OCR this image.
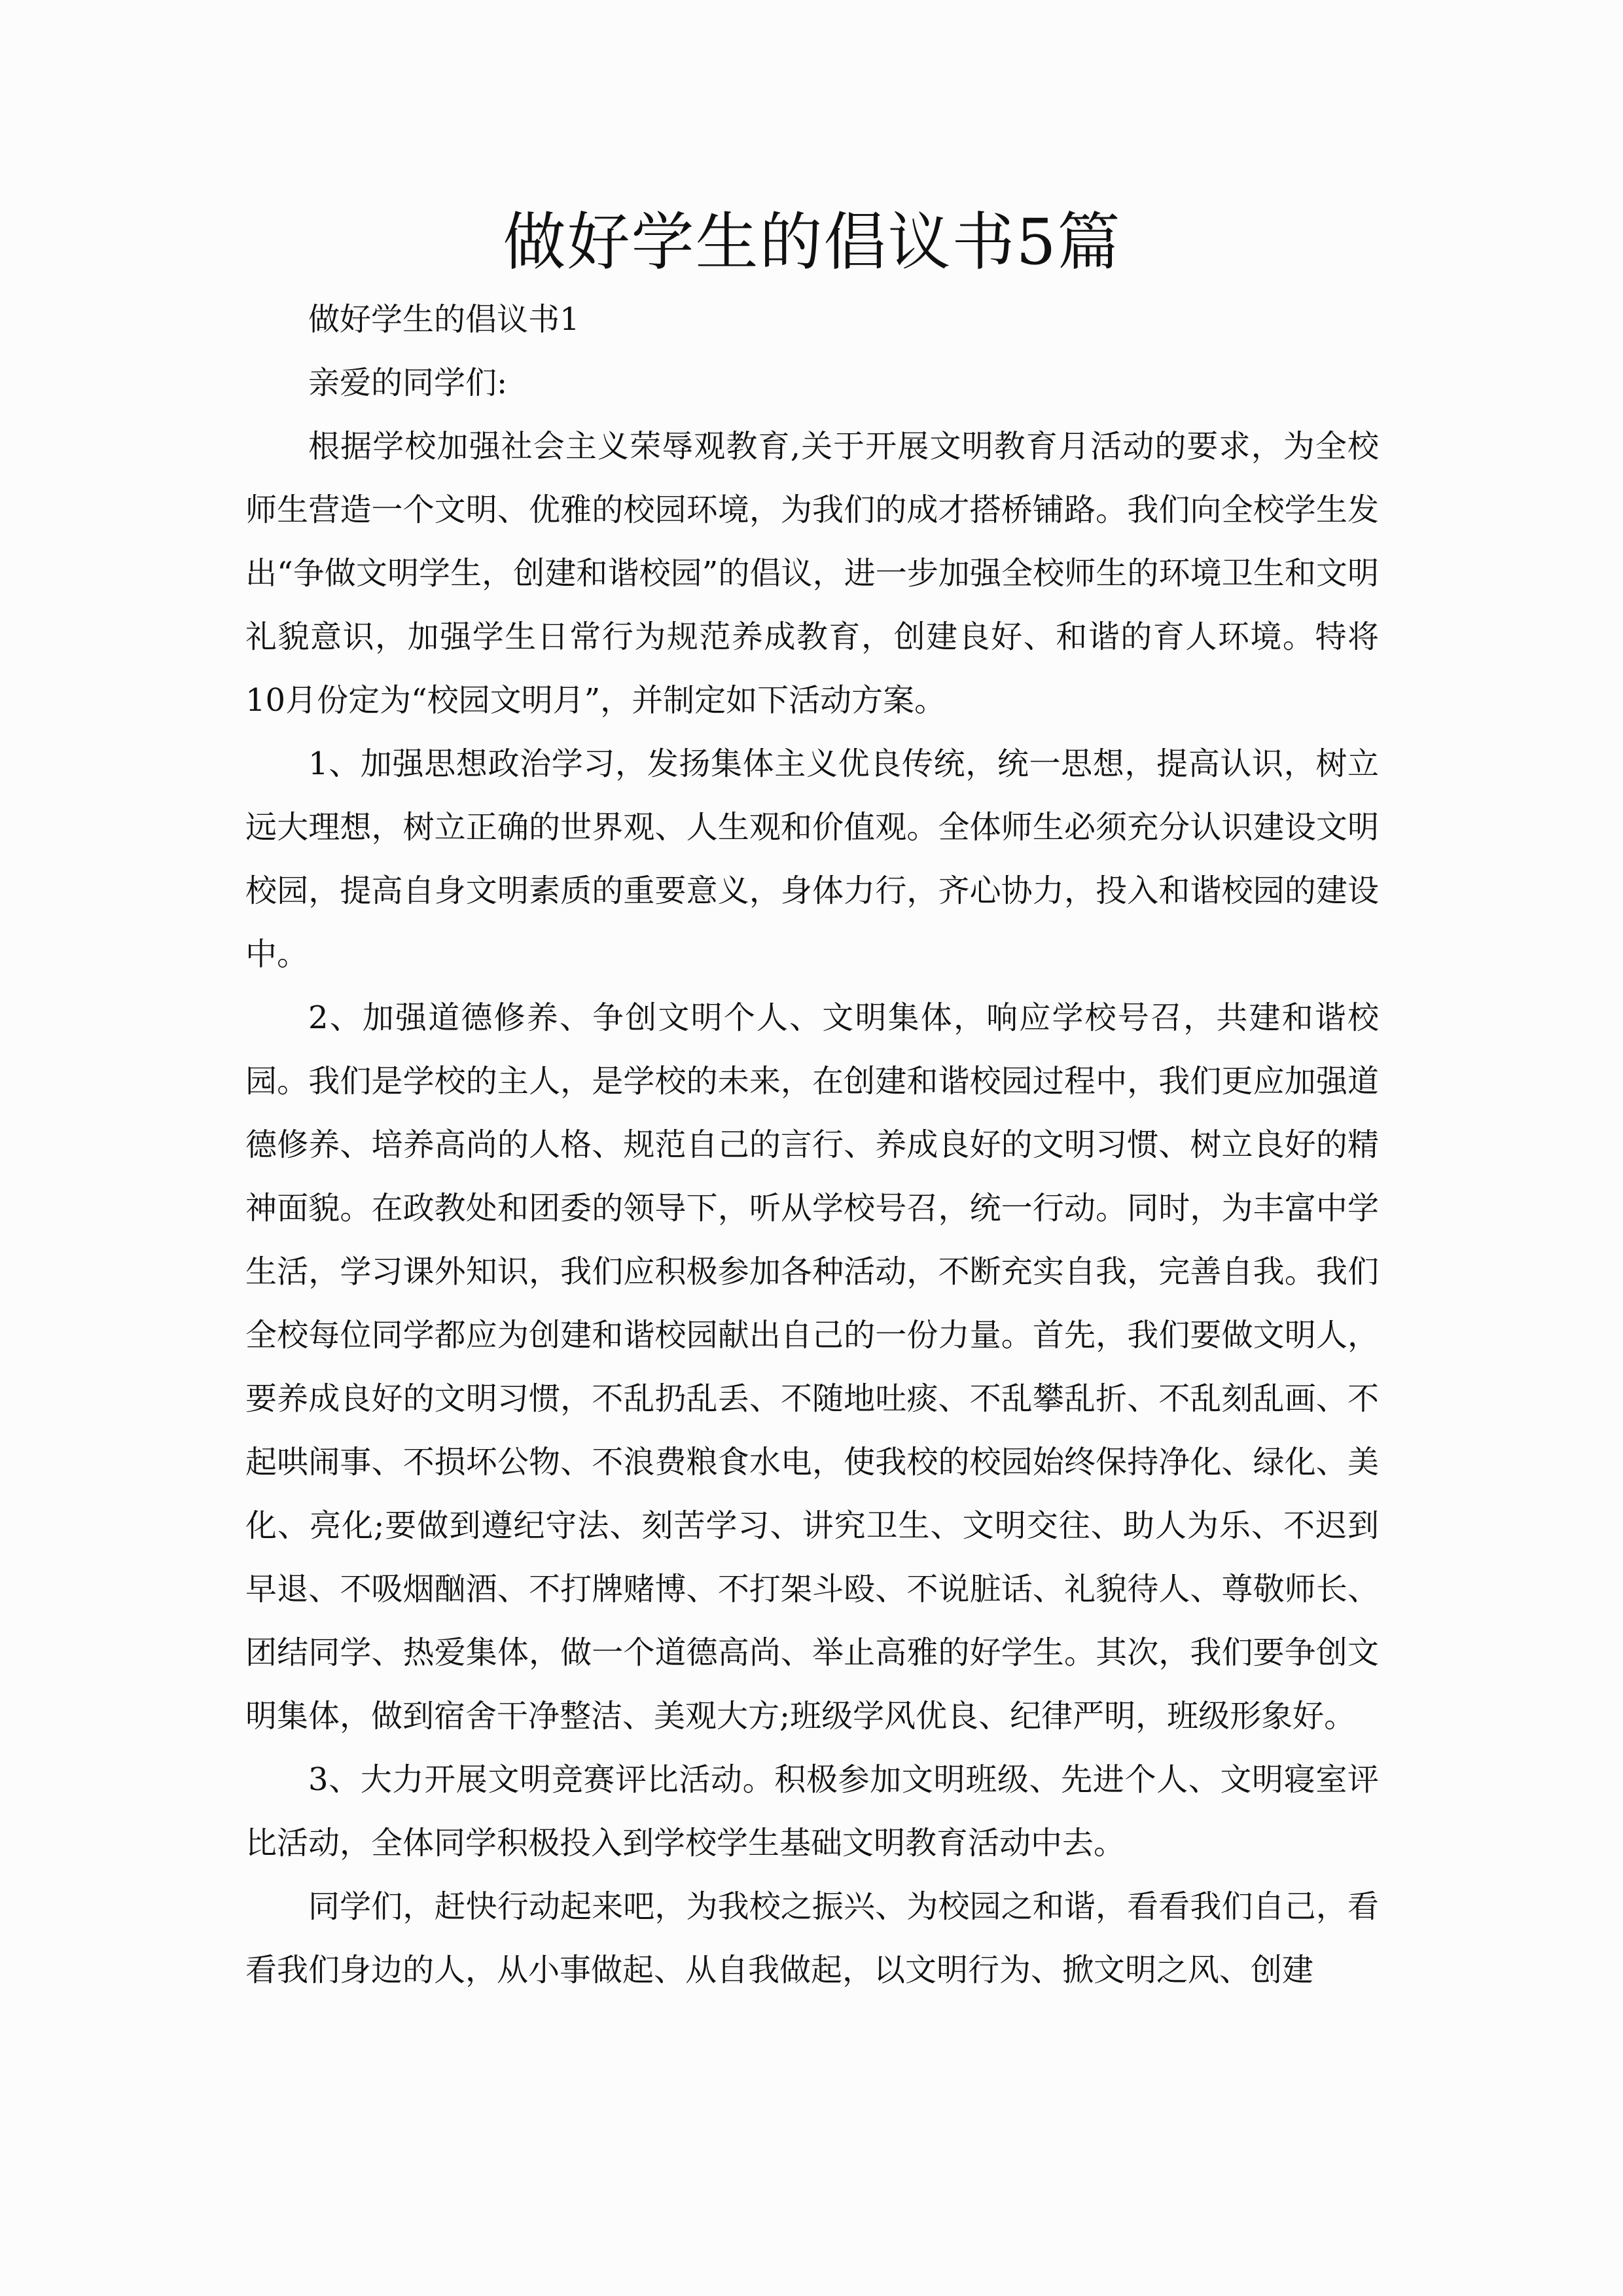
做好学生的倡议书5篇

做好学生的倡议书1

亲爱的同学们:

根据学校加强社会主义荣辱观教育,关于开展文明教育月活动的要求，为全校师生营造一个文明、优雅的校园环境，为我们的成才搭桥铺路。我们向全校学生发出“争做文明学生，创建和谐校园”的倡议，进一步加强全校师生的环境卫生和文明礼貌意识，加强学生日常行为规范养成教育，创建良好、和谐的育人环境。特将10月份定为“校园文明月”，并制定如下活动方案。

1、加强思想政治学习，发扬集体主义优良传统，统一思想，提高认识，树立远大理想，树立正确的世界观、人生观和价值观。全体师生必须充分认识建设文明校园，提高自身文明素质的重要意义，身体力行，齐心协力，投入和谐校园的建设中。

2、加强道德修养、争创文明个人、文明集体，响应学校号召，共建和谐校园。我们是学校的主人，是学校的未来，在创建和谐校园过程中，我们更应加强道德修养、培养高尚的人格、规范自己的言行、养成良好的文明习惯、树立良好的精神面貌。在政教处和团委的领导下，听从学校号召，统一行动。同时，为丰富中学生活，学习课外知识，我们应积极参加各种活动，不断充实自我，完善自我。我们全校每位同学都应为创建和谐校园献出自己的一份力量。首先，我们要做文明人，要养成良好的文明习惯，不乱扔乱丢、不随地吐痰、不乱攀乱折、不乱刻乱画、不起哄闹事、不损坏公物、不浪费粮食水电，使我校的校园始终保持净化、绿化、美化、亮化;要做到遵纪守法、刻苦学习、讲究卫生、文明交往、助人为乐、不迟到早退、不吸烟酗酒、不打牌赌博、不打架斗殴、不说脏话、礼貌待人、尊敬师长、团结同学、热爱集体，做一个道德高尚、举止高雅的好学生。其次，我们要争创文明集体，做到宿舍干净整洁、美观大方;班级学风优良、纪律严明，班级形象好。

3、大力开展文明竞赛评比活动。积极参加文明班级、先进个人、文明寝室评比活动，全体同学积极投入到学校学生基础文明教育活动中去。

同学们，赶快行动起来吧，为我校之振兴、为校园之和谐，看看我们自己，看看我们身边的人，从小事做起、从自我做起，以文明行为、掀文明之风、创建
